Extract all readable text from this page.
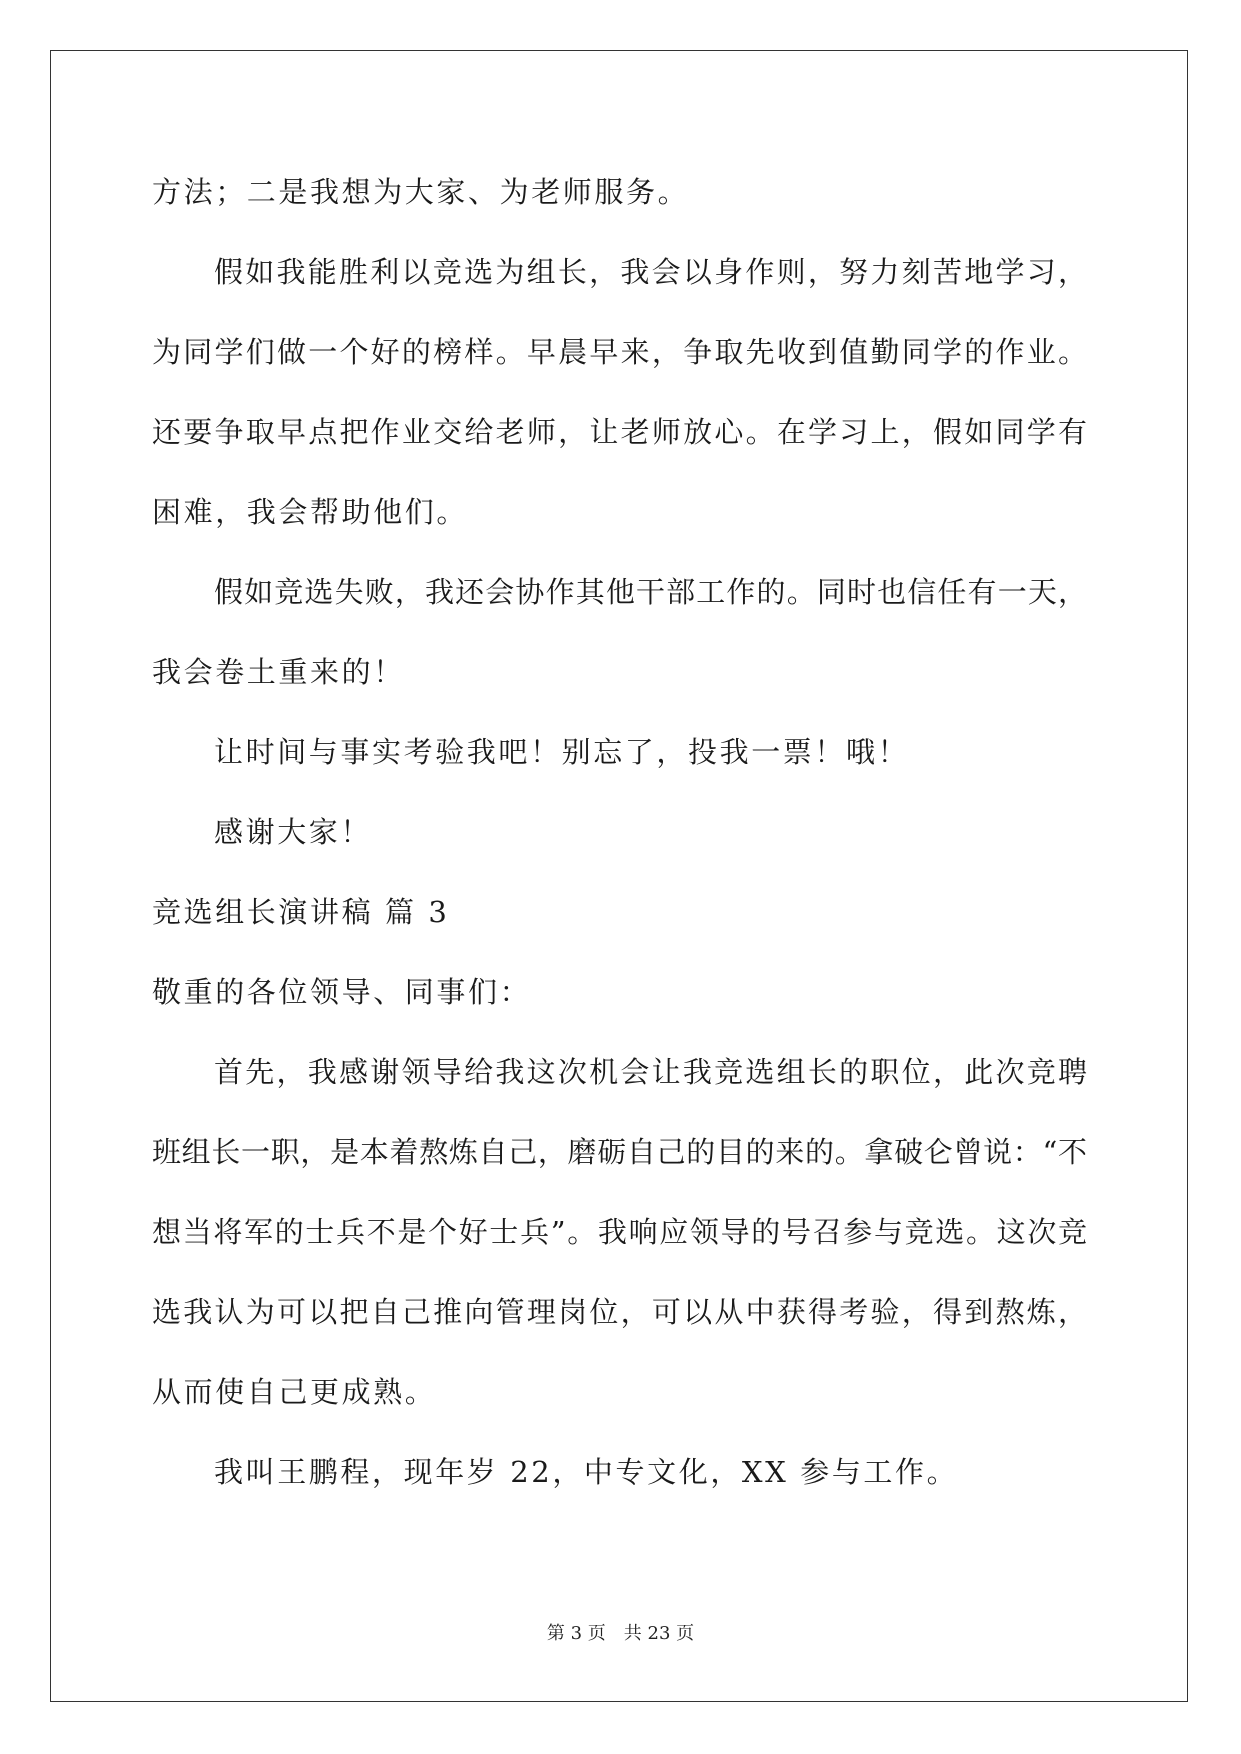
方法；二是我想为大家、为老师服务。
假如我能胜利以竞选为组长，我会以身作则，努力刻苦地学习，
为同学们做一个好的榜样。早晨早来，争取先收到值勤同学的作业。
还要争取早点把作业交给老师，让老师放心。在学习上，假如同学有
困难，我会帮助他们。
假如竞选失败，我还会协作其他干部工作的。同时也信任有一天，
我会卷土重来的！
让时间与事实考验我吧！别忘了，投我一票！哦！
感谢大家！
竞选组长演讲稿 篇 3
敬重的各位领导、同事们：
首先，我感谢领导给我这次机会让我竞选组长的职位，此次竞聘
班组长一职，是本着熬炼自己，磨砺自己的目的来的。拿破仑曾说：“不
想当将军的士兵不是个好士兵”。我响应领导的号召参与竞选。这次竞
选我认为可以把自己推向管理岗位，可以从中获得考验，得到熬炼，
从而使自己更成熟。
我叫王鹏程，现年岁 22，中专文化，XX 参与工作。
第 3 页　共 23 页
